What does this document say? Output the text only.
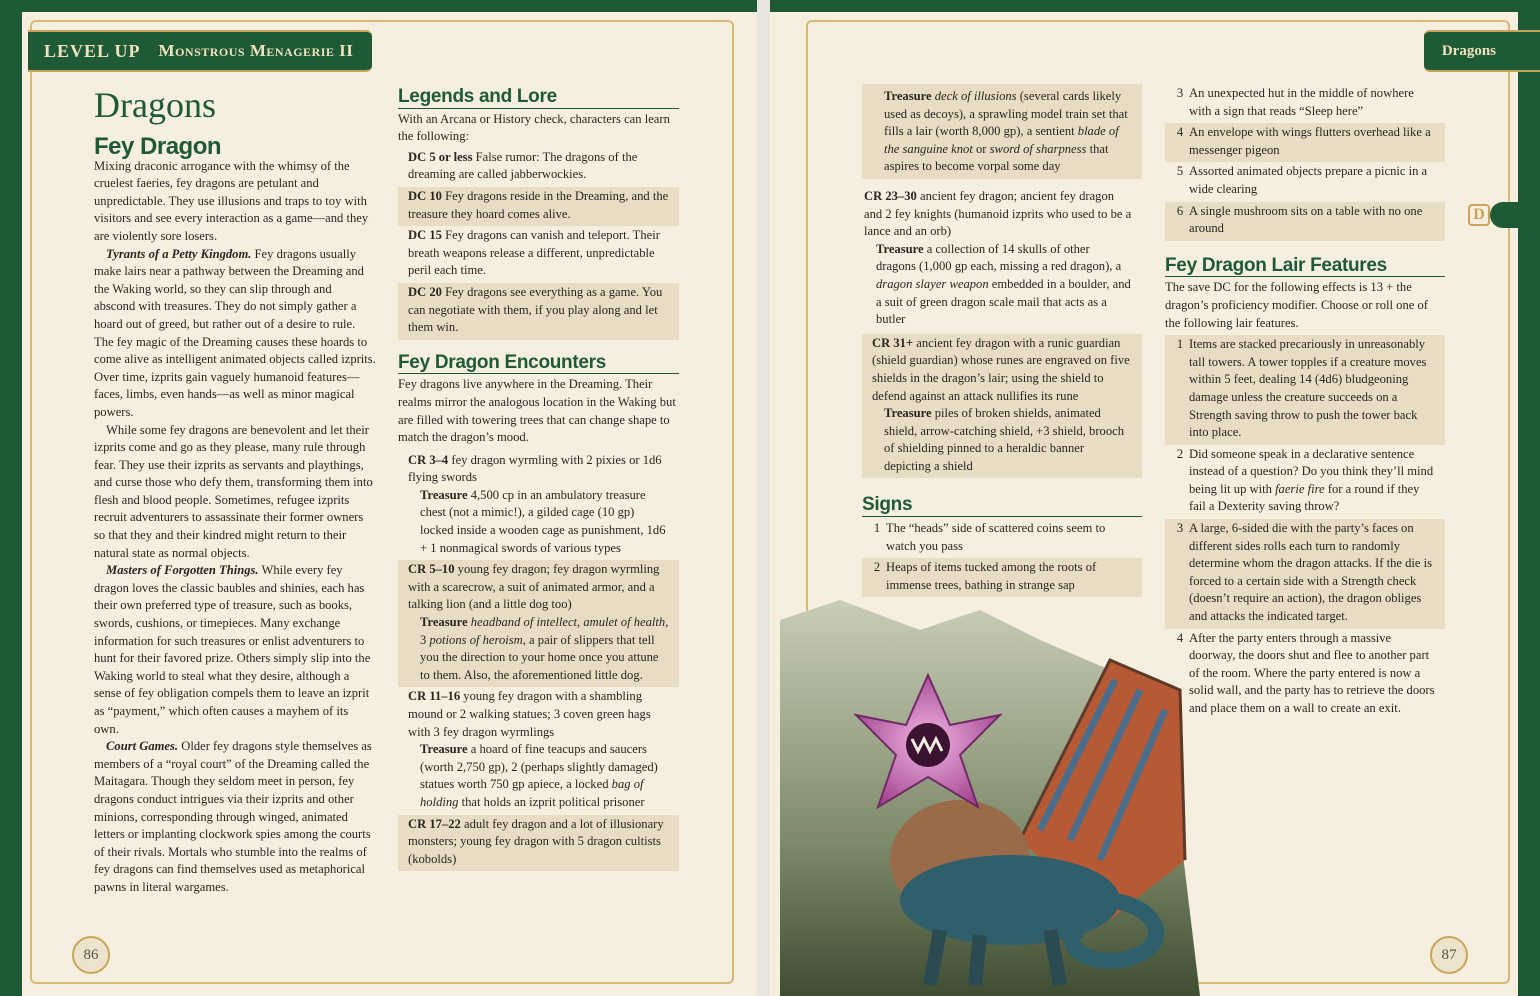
LEVEL UP Monstrous Menagerie II
Dragons
Fey Dragon

Mixing draconic arrogance with the whimsy of the cruelest faeries, fey dragons are petulant and unpredictable. They use illusions and traps to toy with visitors and see every interaction as a game—and they are violently sore losers.

Tyrants of a Petty Kingdom. Fey dragons usually make lairs near a pathway between the Dreaming and the Waking world, so they can slip through and abscond with treasures. They do not simply gather a hoard out of greed, but rather out of a desire to rule. The fey magic of the Dreaming causes these hoards to come alive as intelligent animated objects called izprits. Over time, izprits gain vaguely humanoid features—faces, limbs, even hands—as well as minor magical powers.

While some fey dragons are benevolent and let their izprits come and go as they please, many rule through fear. They use their izprits as servants and playthings, and curse those who defy them, transforming them into flesh and blood people. Sometimes, refugee izprits recruit adventurers to assassinate their former owners so that they and their kindred might return to their natural state as normal objects.

Masters of Forgotten Things. While every fey dragon loves the classic baubles and shinies, each has their own preferred type of treasure, such as books, swords, cushions, or timepieces. Many exchange information for such treasures or enlist adventurers to hunt for their favored prize. Others simply slip into the Waking world to steal what they desire, although a sense of fey obligation compels them to leave an izprit as “payment,” which often causes a mayhem of its own.

Court Games. Older fey dragons style themselves as members of a “royal court” of the Dreaming called the Maitagara. Though they seldom meet in person, fey dragons conduct intrigues via their izprits and other minions, corresponding through winged, animated letters or implanting clockwork spies among the courts of their rivals. Mortals who stumble into the realms of fey dragons can find themselves used as metaphorical pawns in literal wargames.

Legends and Lore

With an Arcana or History check, characters can learn the following:

DC 5 or less False rumor: The dragons of the dreaming are called jabberwockies.
DC 10 Fey dragons reside in the Dreaming, and the treasure they hoard comes alive.
DC 15 Fey dragons can vanish and teleport. Their breath weapons release a different, unpredictable peril each time.
DC 20 Fey dragons see everything as a game. You can negotiate with them, if you play along and let them win.
Fey Dragon Encounters

Fey dragons live anywhere in the Dreaming. Their realms mirror the analogous location in the Waking but are filled with towering trees that can change shape to match the dragon’s mood.

CR 3–4 fey dragon wyrmling with 2 pixies or 1d6 flying swords
Treasure 4,500 cp in an ambulatory treasure chest (not a mimic!), a gilded cage (10 gp) locked inside a wooden cage as punishment, 1d6 + 1 nonmagical swords of various types
CR 5–10 young fey dragon; fey dragon wyrmling with a scarecrow, a suit of animated armor, and a talking lion (and a little dog too)
Treasure headband of intellect, amulet of health, 3 potions of heroism, a pair of slippers that tell you the direction to your home once you attune to them. Also, the aforementioned little dog.
CR 11–16 young fey dragon with a shambling mound or 2 walking statues; 3 coven green hags with 3 fey dragon wyrmlings
Treasure a hoard of fine teacups and saucers (worth 2,750 gp), 2 (perhaps slightly damaged) statues worth 750 gp apiece, a locked bag of holding that holds an izprit political prisoner
CR 17–22 adult fey dragon and a lot of illusionary monsters; young fey dragon with 5 dragon cultists (kobolds)
86
Dragons
D
Treasure deck of illusions (several cards likely used as decoys), a sprawling model train set that fills a lair (worth 8,000 gp), a sentient blade of the sanguine knot or sword of sharpness that aspires to become vorpal some day
CR 23–30 ancient fey dragon; ancient fey dragon and 2 fey knights (humanoid izprits who used to be a lance and an orb)
Treasure a collection of 14 skulls of other dragons (1,000 gp each, missing a red dragon), a dragon slayer weapon embedded in a boulder, and a suit of green dragon scale mail that acts as a butler
CR 31+ ancient fey dragon with a runic guardian (shield guardian) whose runes are engraved on five shields in the dragon’s lair; using the shield to defend against an attack nullifies its rune
Treasure piles of broken shields, animated shield, arrow-catching shield, +3 shield, brooch of shielding pinned to a heraldic banner depicting a shield
Signs
1 The “heads” side of scattered coins seem to watch you pass
2 Heaps of items tucked among the roots of immense trees, bathing in strange sap
3 An unexpected hut in the middle of nowhere with a sign that reads “Sleep here”
4 An envelope with wings flutters overhead like a messenger pigeon
5 Assorted animated objects prepare a picnic in a wide clearing
6 A single mushroom sits on a table with no one around
Fey Dragon Lair Features

The save DC for the following effects is 13 + the dragon’s proficiency modifier. Choose or roll one of the following lair features.

1 Items are stacked precariously in unreasonably tall towers. A tower topples if a creature moves within 5 feet, dealing 14 (4d6) bludgeoning damage unless the creature succeeds on a Strength saving throw to push the tower back into place.
2 Did someone speak in a declarative sentence instead of a question? Do you think they’ll mind being lit up with faerie fire for a round if they fail a Dexterity saving throw?
3 A large, 6-sided die with the party’s faces on different sides rolls each turn to randomly determine whom the dragon attacks. If the die is forced to a certain side with a Strength check (doesn’t require an action), the dragon obliges and attacks the indicated target.
4 After the party enters through a massive doorway, the doors shut and flee to another part of the room. Where the party entered is now a solid wall, and the party has to retrieve the doors and place them on a wall to create an exit.
87
